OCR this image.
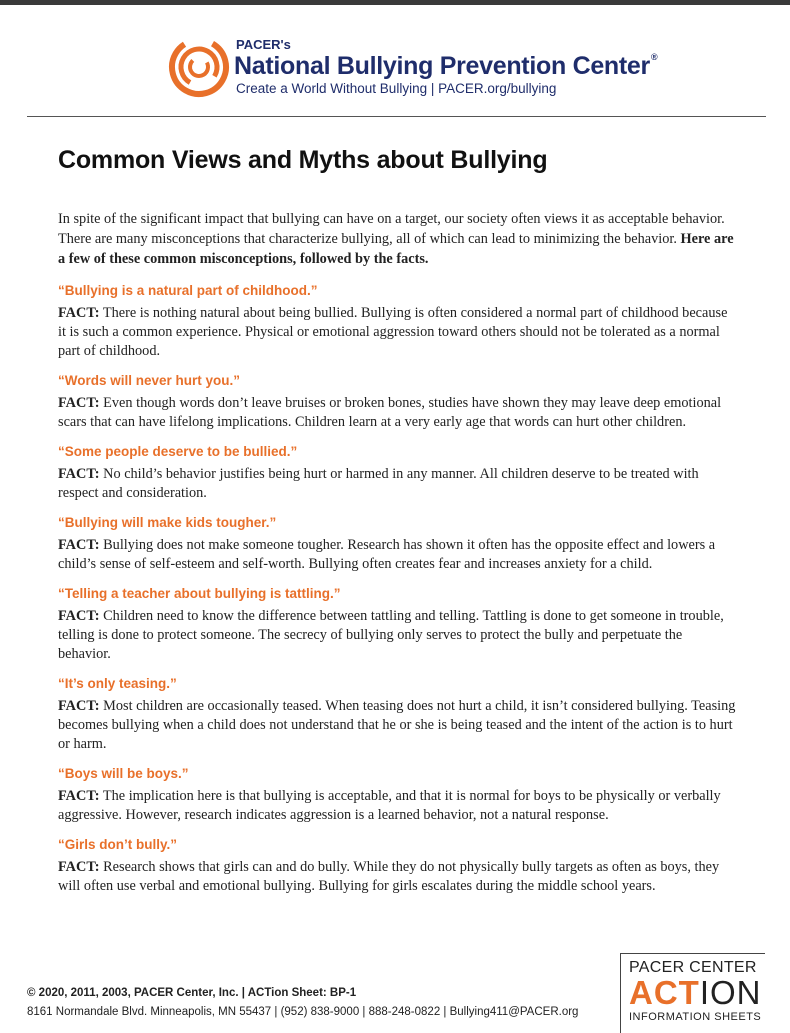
PACER's
National Bullying Prevention Center®
Create a World Without Bullying | PACER.org/bullying
Common Views and Myths about Bullying

In spite of the significant impact that bullying can have on a target, our society often views it as acceptable behavior. There are many misconceptions that characterize bullying, all of which can lead to minimizing the behavior. Here are a few of these common misconceptions, followed by the facts.

“Bullying is a natural part of childhood.”

FACT: There is nothing natural about being bullied. Bullying is often considered a normal part of childhood because it is such a common experience. Physical or emotional aggression toward others should not be tolerated as a normal part of childhood.

“Words will never hurt you.”

FACT: Even though words don’t leave bruises or broken bones, studies have shown they may leave deep emotional scars that can have lifelong implications. Children learn at a very early age that words can hurt other children.

“Some people deserve to be bullied.”

FACT: No child’s behavior justifies being hurt or harmed in any manner. All children deserve to be treated with respect and consideration.

“Bullying will make kids tougher.”

FACT: Bullying does not make someone tougher. Research has shown it often has the opposite effect and lowers a child’s sense of self-esteem and self-worth. Bullying often creates fear and increases anxiety for a child.

“Telling a teacher about bullying is tattling.”

FACT: Children need to know the difference between tattling and telling. Tattling is done to get someone in trouble, telling is done to protect someone. The secrecy of bullying only serves to protect the bully and perpetuate the behavior.

“It’s only teasing.”

FACT: Most children are occasionally teased. When teasing does not hurt a child, it isn’t considered bullying. Teasing becomes bullying when a child does not understand that he or she is being teased and the intent of the action is to hurt or harm.

“Boys will be boys.”

FACT: The implication here is that bullying is acceptable, and that it is normal for boys to be physically or verbally aggressive. However, research indicates aggression is a learned behavior, not a natural response.

“Girls don’t bully.”

FACT: Research shows that girls can and do bully. While they do not physically bully targets as often as boys, they will often use verbal and emotional bullying. Bullying for girls escalates during the middle school years.

© 2020, 2011, 2003, PACER Center, Inc. | ACTion Sheet: BP-1
8161 Normandale Blvd. Minneapolis, MN 55437 | (952) 838-9000 | 888-248-0822 | Bullying411@PACER.org
PACER CENTER
ACTION
INFORMATION SHEETS
